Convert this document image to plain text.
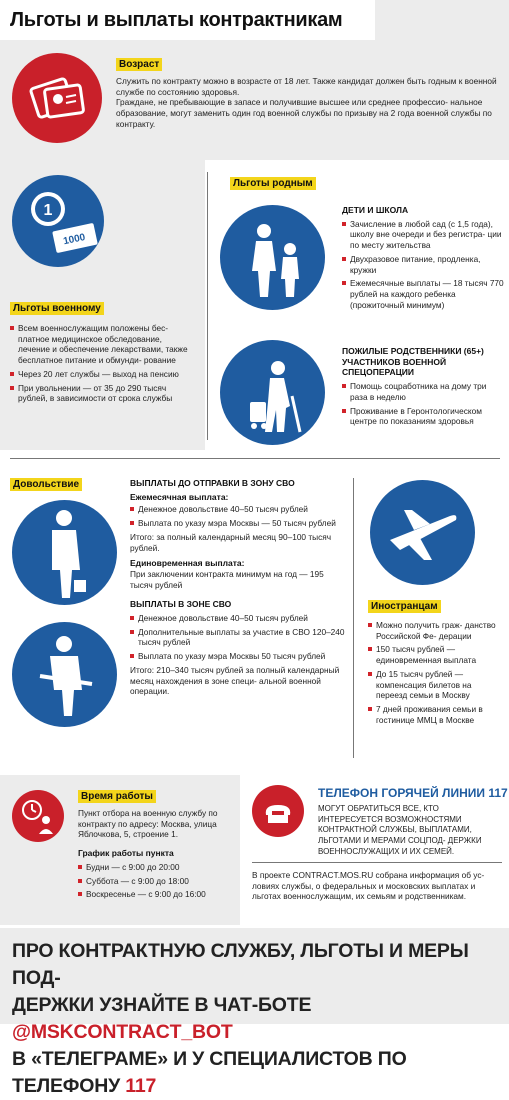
Льготы и выплаты контрактникам
Возраст
Служить по контракту можно в возрасте от 18 лет. Также кандидат должен быть годным к военной службе по состоянию здоровья.
Граждане, не пребывающие в запасе и получившие высшее или среднее профессио- нальное образование, могут заменить один год военной службы по призыву на 2 года военной службы по контракту.
1
1000
Льготы военному
Всем военнослужащим положены бес- платное медицинское обследование, лечение и обеспечение лекарствами, также бесплатное питание и обмунди- рование
Через 20 лет службы — выход на пенсию
При увольнении — от 35 до 290 тысяч рублей, в зависимости от срока службы
Льготы родным
ДЕТИ И ШКОЛА
Зачисление в любой сад (с 1,5 года), школу вне очереди и без регистра- ции по месту жительства
Двухразовое питание, продленка, кружки
Ежемесячные выплаты — 18 тысяч 770 рублей на каждого ребенка (прожиточный минимум)
ПОЖИЛЫЕ РОДСТВЕННИКИ (65+) УЧАСТНИКОВ ВОЕННОЙ СПЕЦОПЕРАЦИИ
Помощь соцработника на дому три раза в неделю
Проживание в Геронтологическом центре по показаниям здоровья
Довольствие	ВЫПЛАТЫ ДО ОТПРАВКИ В ЗОНУ СВО
Ежемесячная выплата:
Денежное довольствие 40–50 тысяч рублей
Выплата по указу мэра Москвы — 50 тысяч рублей
Итого: за полный календарный месяц 90–100 тысяч рублей.
Единовременная выплата:
При заключении контракта минимум на год — 195 тысяч рублей
ВЫПЛАТЫ В ЗОНЕ СВО
Денежное довольствие 40–50 тысяч рублей
Дополнительные выплаты за участие в СВО 120–240 тысяч рублей
Выплата по указу мэра Москвы 50 тысяч рублей
Итого: 210–340 тысяч рублей за полный календарный месяц нахождения в зоне специ- альной военной операции.
Иностранцам
Можно получить граж- данство Российской Фе- дерации
150 тысяч рублей — единовременная выплата
До 15 тысяч рублей — компенсация билетов на переезд семьи в Москву
7 дней проживания семьи в гостинице ММЦ в Москве
Время работы
Пункт отбора на военную службу по контракту по адресу: Москва, улица Яблочкова, 5, строение 1.
График работы пункта
Будни — с 9:00 до 20:00
Суббота — с 9:00 до 18:00
Воскресенье — с 9:00 до 16:00
ТЕЛЕФОН ГОРЯЧЕЙ ЛИНИИ 117
МОГУТ ОБРАТИТЬСЯ ВСЕ, КТО ИНТЕРЕСУЕТСЯ ВОЗМОЖНОСТЯМИ КОНТРАКТНОЙ СЛУЖБЫ, ВЫПЛАТАМИ, ЛЬГОТАМИ И МЕРАМИ СОЦПОД- ДЕРЖКИ ВОЕННОСЛУЖАЩИХ И ИХ СЕМЕЙ.
В проекте CONTRACT.MOS.RU собрана информация об ус- ловиях службы, о федеральных и московских выплатах и льготах военнослужащим, их семьям и родственникам.
ПРО КОНТРАКТНУЮ СЛУЖБУ, ЛЬГОТЫ И МЕРЫ ПОД-
ДЕРЖКИ УЗНАЙТЕ В ЧАТ-БОТЕ @MSKCONTRACT_BOT
В «ТЕЛЕГРАМЕ» И У СПЕЦИАЛИСТОВ ПО ТЕЛЕФОНУ 117
